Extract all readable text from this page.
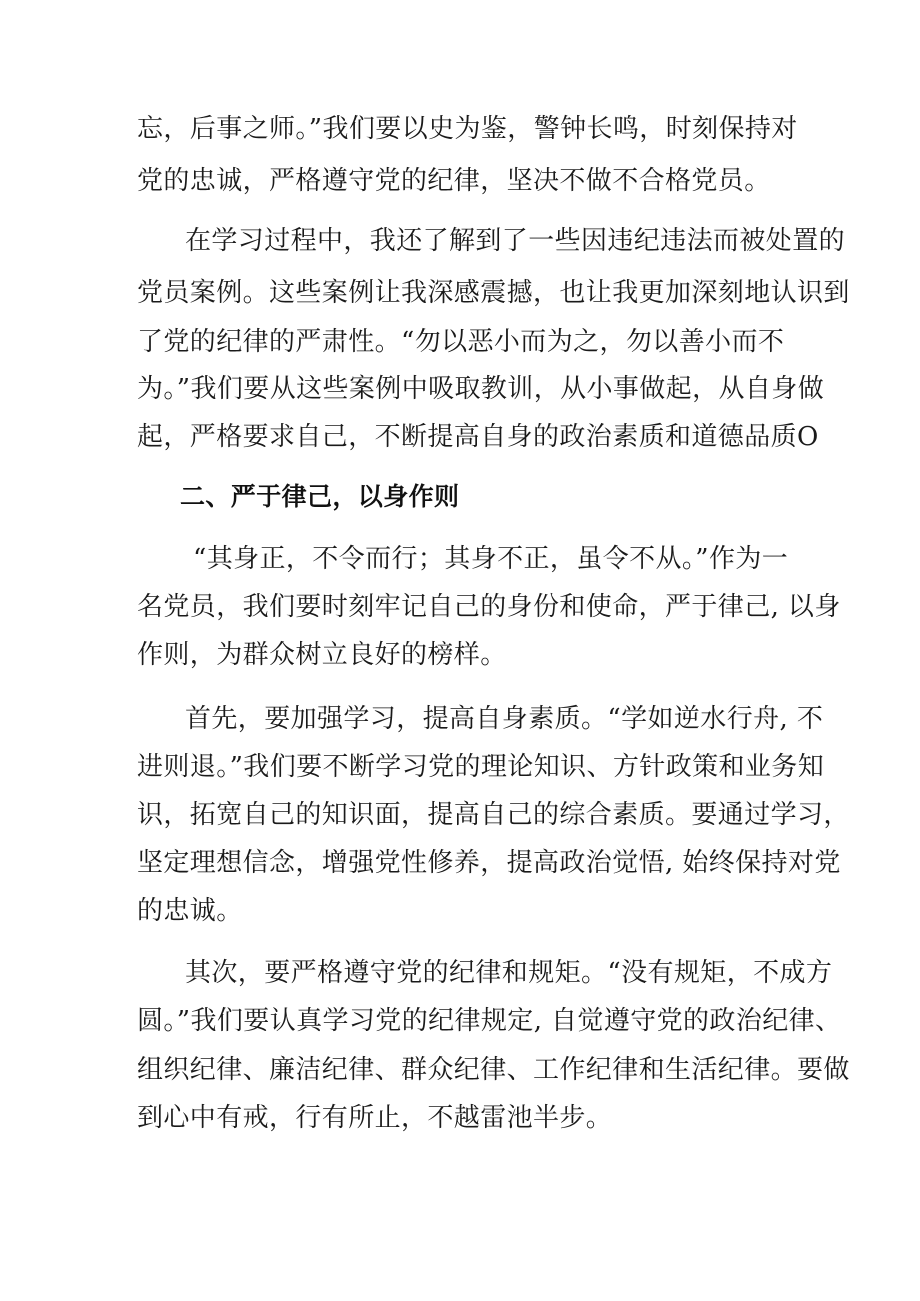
忘，后事之师。”我们要以史为鉴，警钟长鸣，时刻保持对

党的忠诚，严格遵守党的纪律，坚决不做不合格党员。

在学习过程中，我还了解到了一些因违纪违法而被处置的

党员案例。这些案例让我深感震撼，也让我更加深刻地认识到

了党的纪律的严肃性。“勿以恶小而为之，勿以善小而不

为。”我们要从这些案例中吸取教训，从小事做起，从自身做

起，严格要求自己，不断提高自身的政治素质和道德品质O

二、严于律己，以身作则

“其身正，不令而行；其身不正，虽令不从。”作为一

名党员，我们要时刻牢记自己的身份和使命，严于律己, 以身

作则，为群众树立良好的榜样。

首先，要加强学习，提高自身素质。“学如逆水行舟, 不

进则退。”我们要不断学习党的理论知识、方针政策和业务知

识，拓宽自己的知识面，提高自己的综合素质。要通过学习，

坚定理想信念，增强党性修养，提高政治觉悟, 始终保持对党

的忠诚。

其次，要严格遵守党的纪律和规矩。“没有规矩，不成方

圆。”我们要认真学习党的纪律规定, 自觉遵守党的政治纪律、

组织纪律、廉洁纪律、群众纪律、工作纪律和生活纪律。要做

到心中有戒，行有所止，不越雷池半步。
